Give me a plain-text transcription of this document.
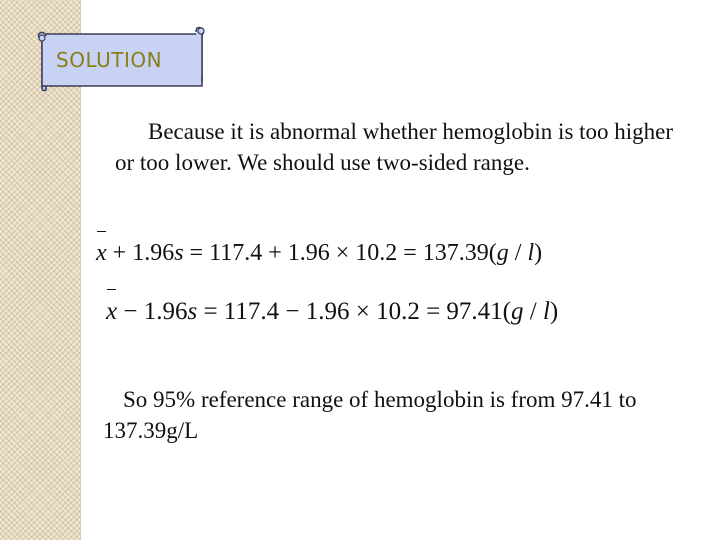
SOLUTION
Because it is abnormal whether hemoglobin is too higher or too lower. We should use two-sided range.
x + 1.96s = 117.4 + 1.96 × 10.2 = 137.39(g / l)
x − 1.96s = 117.4 − 1.96 × 10.2 = 97.41(g / l)
So 95% reference range of hemoglobin is from 97.41 to 137.39g/L
